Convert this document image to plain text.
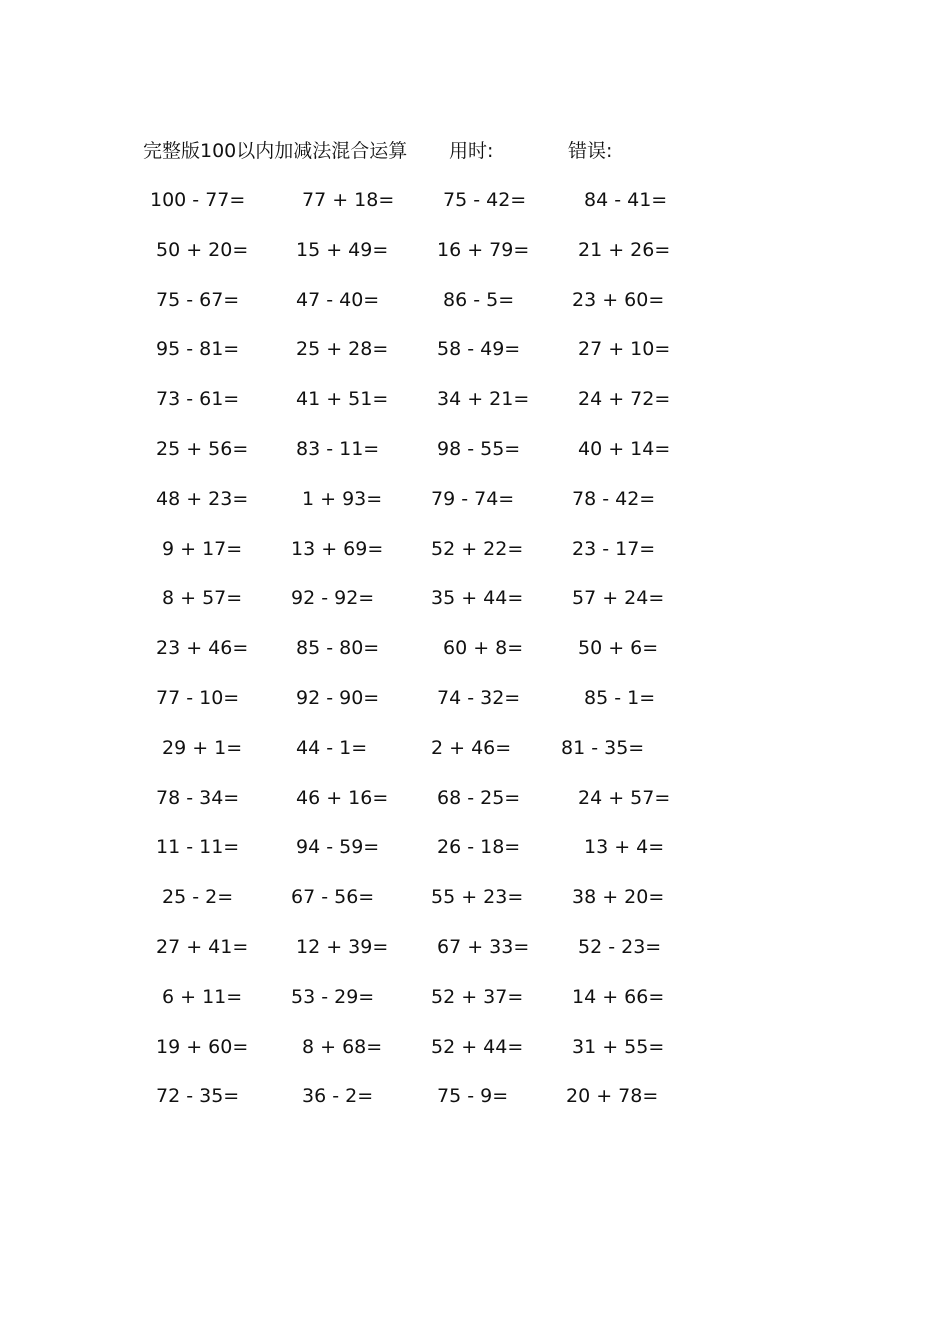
完整版100以内加减法混合运算 用时:	错误:
100 - 77=	77 + 18=	75 - 42=	84 - 41=
50 + 20=	15 + 49=	16 + 79=	21 + 26=
75 - 67=	47 - 40=	86 - 5=	23 + 60=
95 - 81=	25 + 28=	58 - 49=	27 + 10=
73 - 61=	41 + 51=	34 + 21=	24 + 72=
25 + 56=	83 - 11=	98 - 55=	40 + 14=
48 + 23=	1 + 93=	79 - 74=	78 - 42=
9 + 17=	13 + 69=	52 + 22=	23 - 17=
8 + 57=	92 - 92=	35 + 44=	57 + 24=
23 + 46=	85 - 80=	60 + 8=	50 + 6=
77 - 10=	92 - 90=	74 - 32=	85 - 1=
29 + 1=	44 - 1=	2 + 46=	81 - 35=
78 - 34=	46 + 16=	68 - 25=	24 + 57=
11 - 11=	94 - 59=	26 - 18=	13 + 4=
25 - 2=	67 - 56=	55 + 23=	38 + 20=
27 + 41=	12 + 39=	67 + 33=	52 - 23=
6 + 11=	53 - 29=	52 + 37=	14 + 66=
19 + 60=	8 + 68=	52 + 44=	31 + 55=
72 - 35=	36 - 2=	75 - 9=	20 + 78=
